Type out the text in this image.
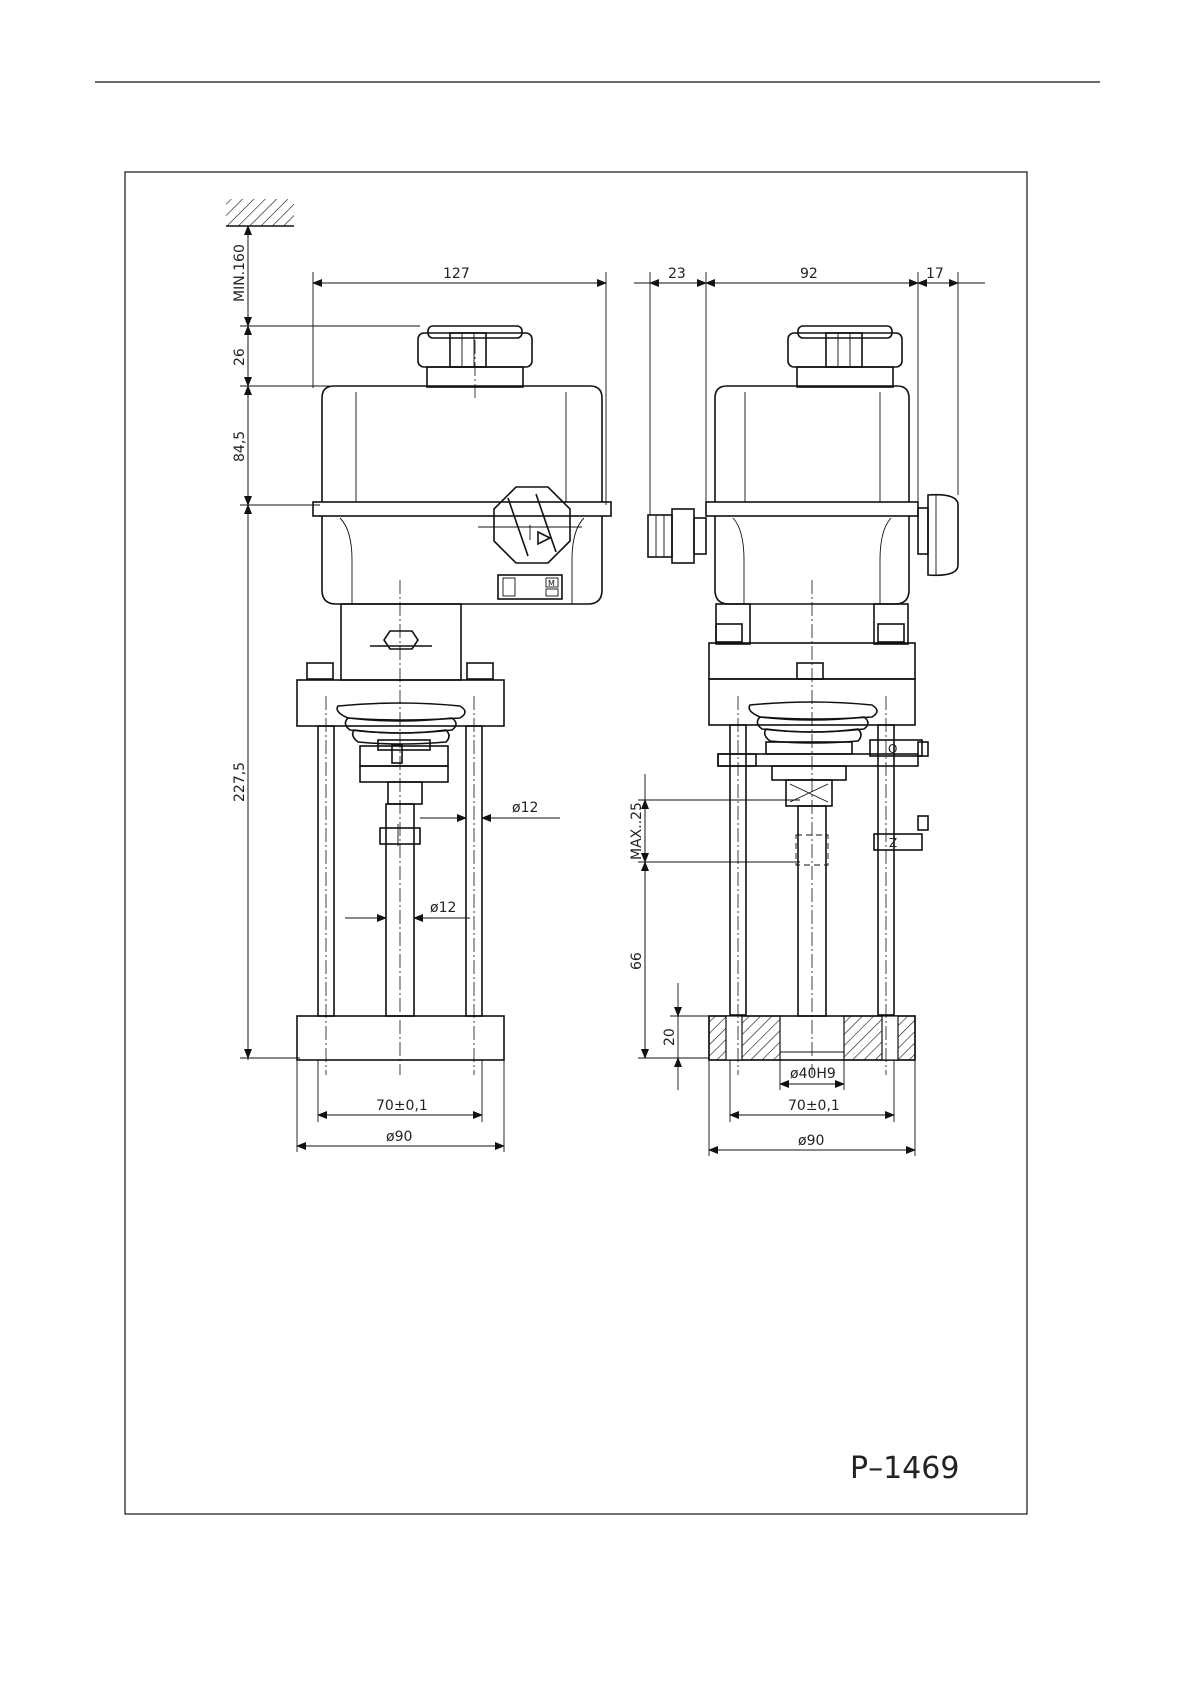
M
O
Z
MIN.160
26
84,5
227,5
127	23	92	17
ø12
ø12
MAX..25
66
20
ø40H9
70±0,1
ø90
70±0,1
ø90
P–1469
